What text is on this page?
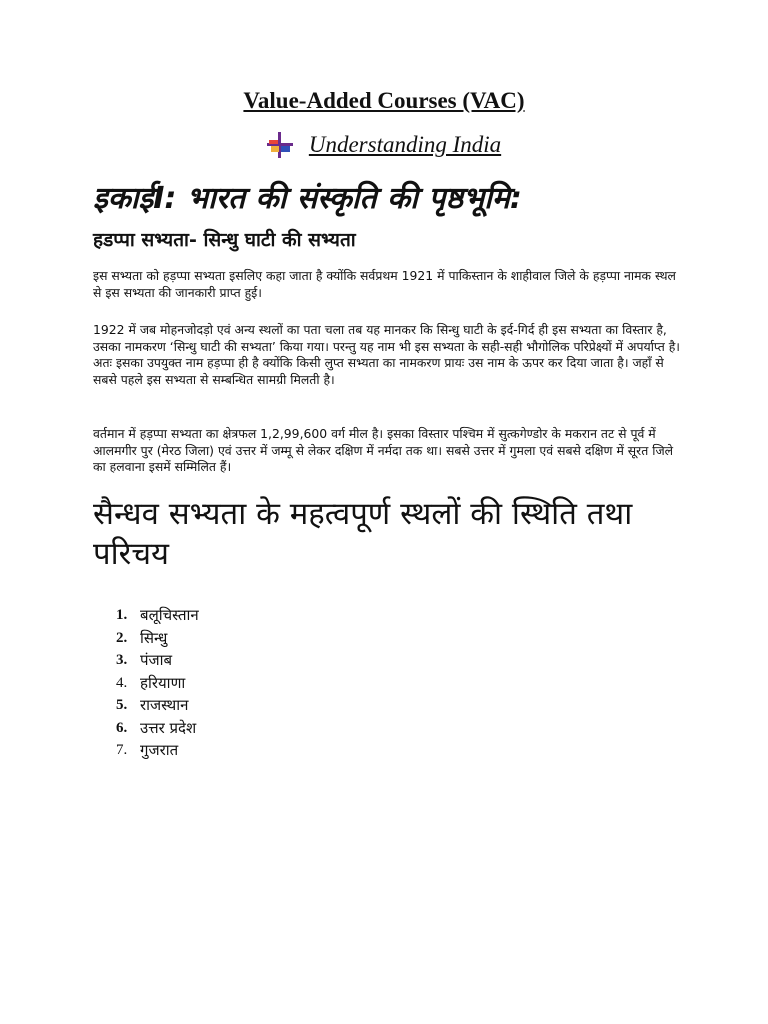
Value-Added Courses (VAC)
Understanding India
इकाईI: भारत की संस्कृति की पृष्ठभूमि:
हडप्पा सभ्यता- सिन्धु घाटी की सभ्यता

इस सभ्यता को हड़प्पा सभ्यता इसलिए कहा जाता है क्योंकि सर्वप्रथम 1921 में पाकिस्तान के शाहीवाल जिले के हड़प्पा नामक स्थल से इस सभ्यता की जानकारी प्राप्त हुई।

1922 में जब मोहनजोदड़ो एवं अन्य स्थलों का पता चला तब यह मानकर कि सिन्धु घाटी के इर्द-गिर्द ही इस सभ्यता का विस्तार है, उसका नामकरण ‘सिन्धु घाटी की सभ्यता’ किया गया। परन्तु यह नाम भी इस सभ्यता के सही-सही भौगोलिक परिप्रेक्ष्यों में अपर्याप्त है। अतः इसका उपयुक्त नाम हड़प्पा ही है क्योंकि किसी लुप्त सभ्यता का नामकरण प्रायः उस नाम के ऊपर कर दिया जाता है। जहाँ से सबसे पहले इस सभ्यता से सम्बन्धित सामग्री मिलती है।

वर्तमान में हड़प्पा सभ्यता का क्षेत्रफल 1,2,99,600 वर्ग मील है। इसका विस्तार पश्चिम में सुत्कगेण्डोर के मकरान तट से पूर्व में आलमगीर पुर (मेरठ जिला) एवं उत्तर में जम्मू से लेकर दक्षिण में नर्मदा तक था। सबसे उत्तर में गुमला एवं सबसे दक्षिण में सूरत जिले का हलवाना इसमें सम्मिलित हैं।

सैन्धव सभ्यता के महत्वपूर्ण स्थलों की स्थिति तथा परिचय
1. बलूचिस्तान
2. सिन्धु
3. पंजाब
4. हरियाणा
5. राजस्थान
6. उत्तर प्रदेश
7. गुजरात
